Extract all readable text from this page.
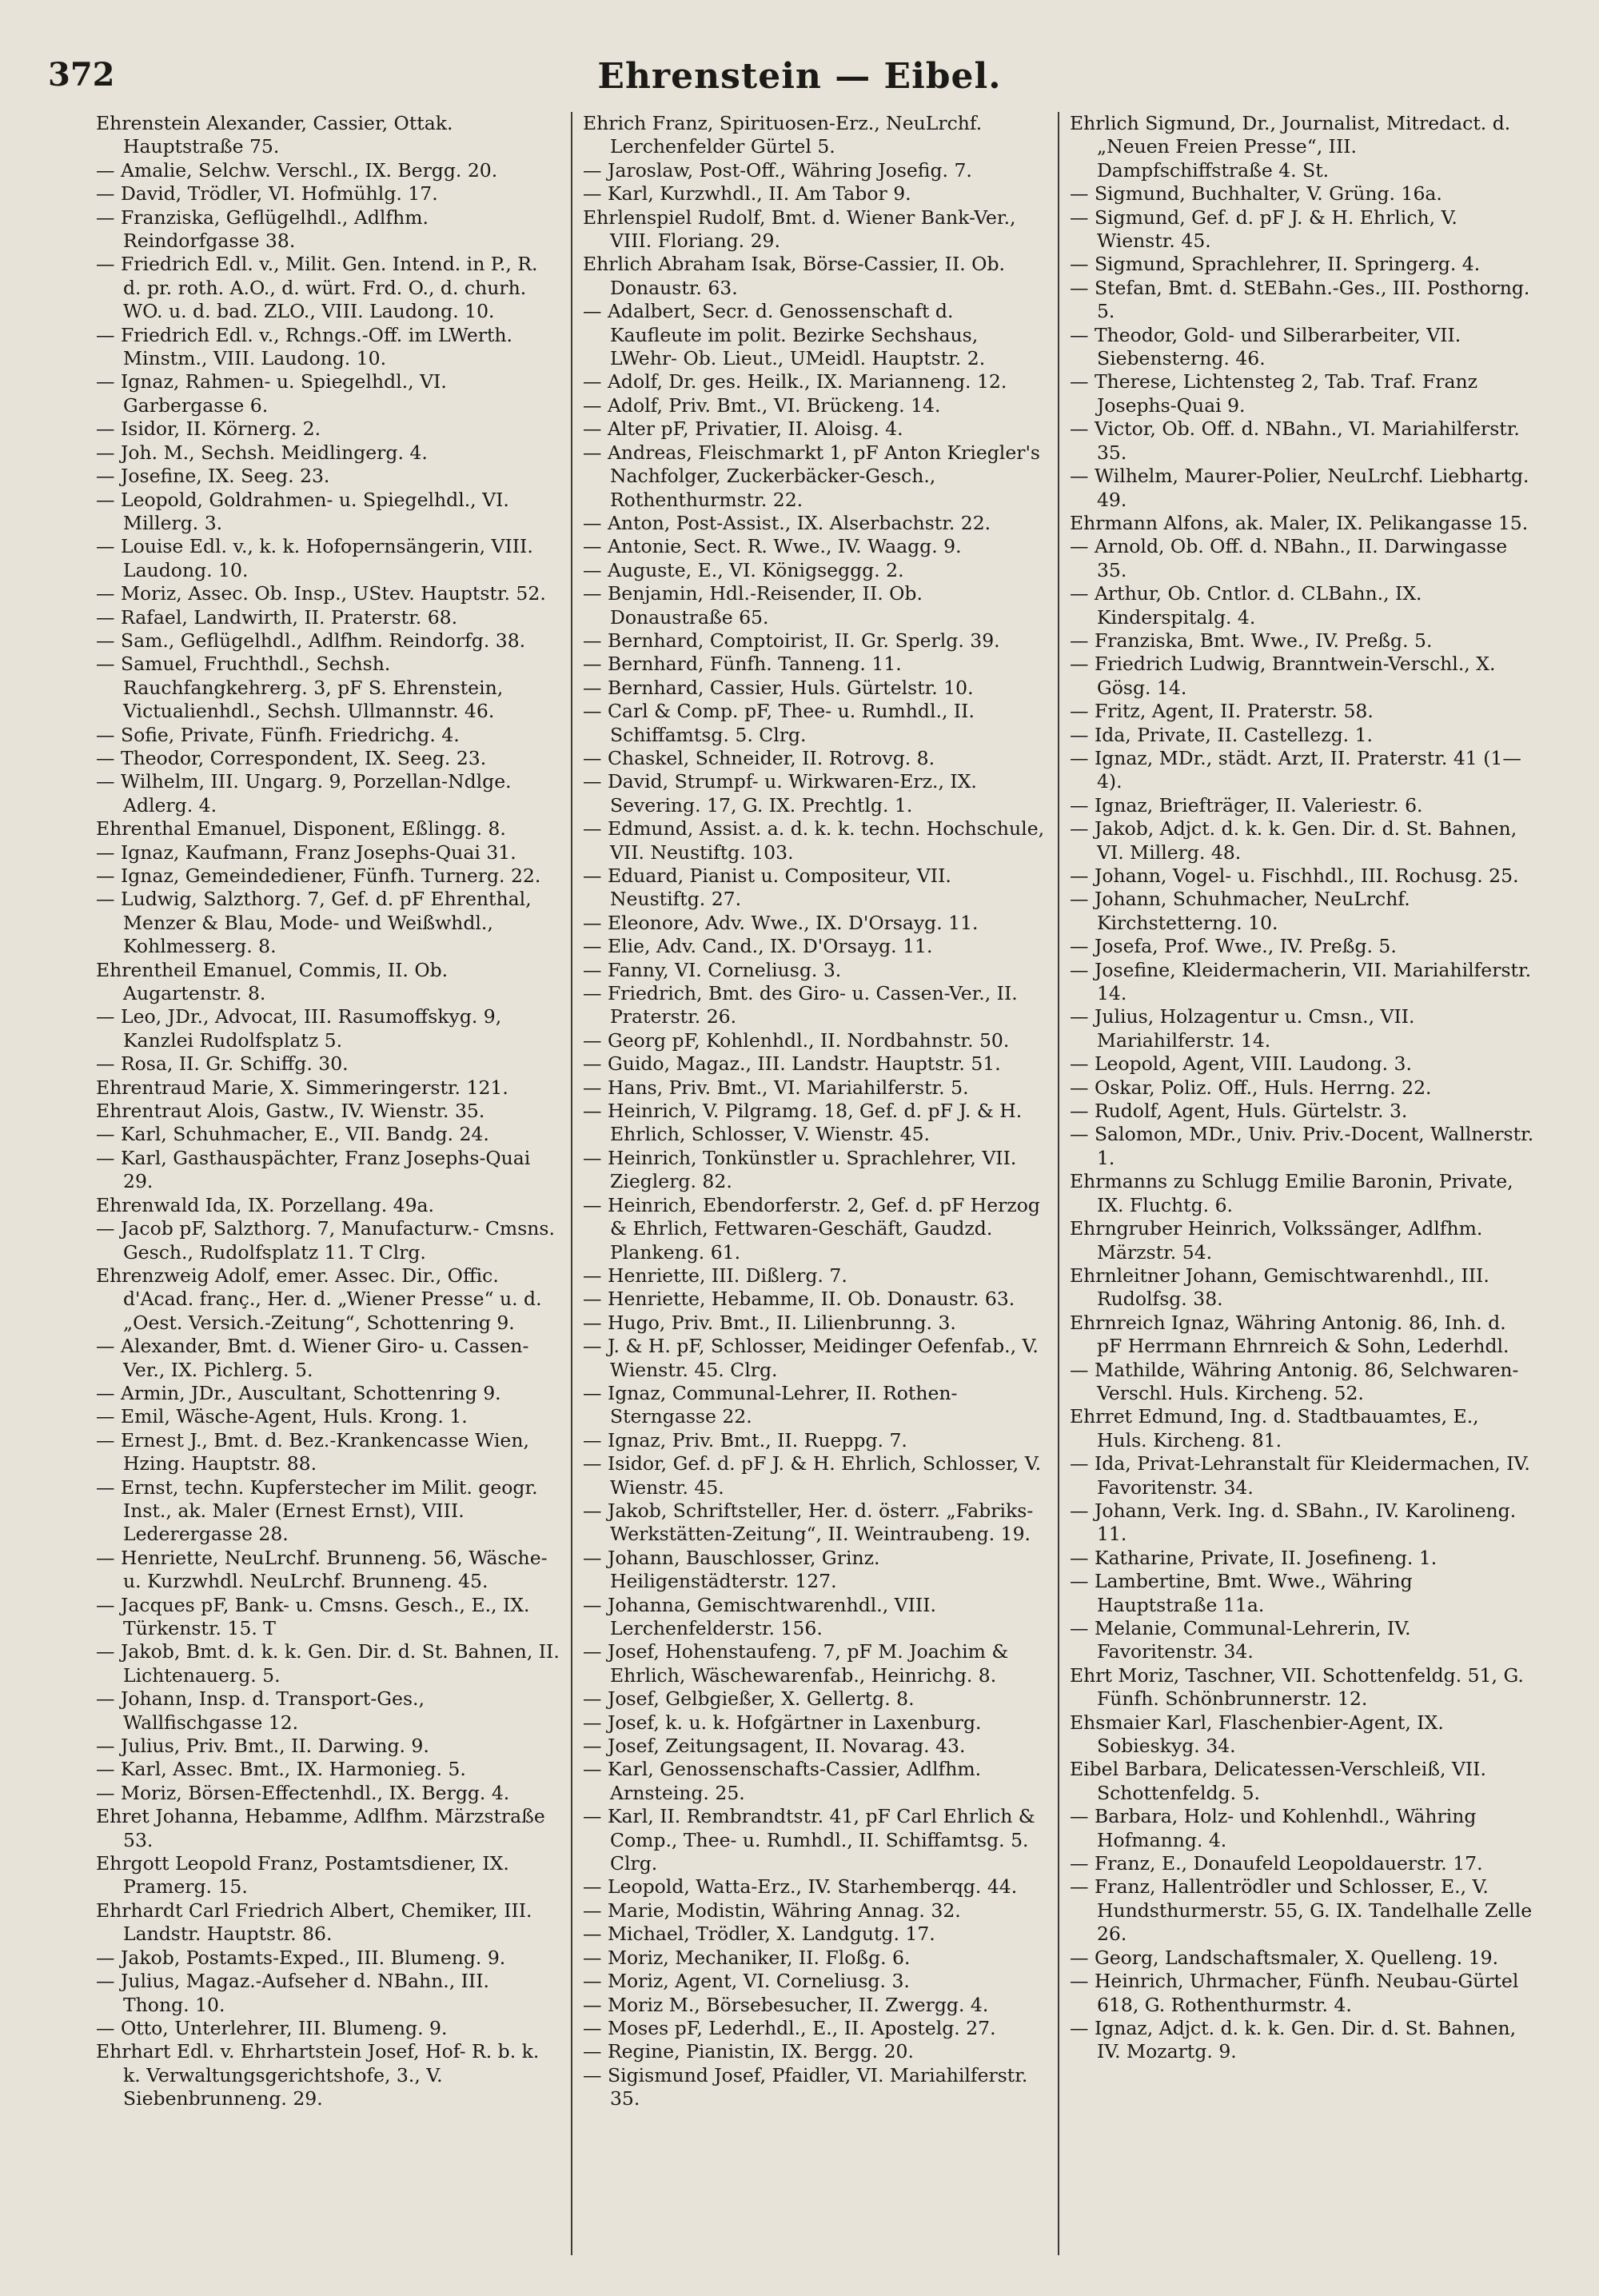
372	Ehrenstein — Eibel.
Ehrenstein Alexander, Cassier, Ottak. Hauptstraße 75.
— Amalie, Selchw. Verschl., IX. Bergg. 20.
— David, Trödler, VI. Hofmühlg. 17.
— Franziska, Geflügelhdl., Adlfhm. Reindorfgasse 38.
— Friedrich Edl. v., Milit. Gen. Intend. in P., R. d. pr. roth. A.O., d. würt. Frd. O., d. churh. WO. u. d. bad. ZLO., VIII. Laudong. 10.
— Friedrich Edl. v., Rchngs.-Off. im LWerth. Minstm., VIII. Laudong. 10.
— Ignaz, Rahmen- u. Spiegelhdl., VI. Garbergasse 6.
— Isidor, II. Körnerg. 2.
— Joh. M., Sechsh. Meidlingerg. 4.
— Josefine, IX. Seeg. 23.
— Leopold, Goldrahmen- u. Spiegelhdl., VI. Millerg. 3.
— Louise Edl. v., k. k. Hofopernsängerin, VIII. Laudong. 10.
— Moriz, Assec. Ob. Insp., UStev. Hauptstr. 52.
— Rafael, Landwirth, II. Praterstr. 68.
— Sam., Geflügelhdl., Adlfhm. Reindorfg. 38.
— Samuel, Fruchthdl., Sechsh. Rauchfangkehrerg. 3, pF S. Ehrenstein, Victualienhdl., Sechsh. Ullmannstr. 46.
— Sofie, Private, Fünfh. Friedrichg. 4.
— Theodor, Correspondent, IX. Seeg. 23.
— Wilhelm, III. Ungarg. 9, Porzellan-Ndlge. Adlerg. 4.
Ehrenthal Emanuel, Disponent, Eßlingg. 8.
— Ignaz, Kaufmann, Franz Josephs-Quai 31.
— Ignaz, Gemeindediener, Fünfh. Turnerg. 22.
— Ludwig, Salzthorg. 7, Gef. d. pF Ehrenthal, Menzer & Blau, Mode- und Weißwhdl., Kohlmesserg. 8.
Ehrentheil Emanuel, Commis, II. Ob. Augartenstr. 8.
— Leo, JDr., Advocat, III. Rasumoffskyg. 9, Kanzlei Rudolfsplatz 5.
— Rosa, II. Gr. Schiffg. 30.
Ehrentraud Marie, X. Simmeringerstr. 121.
Ehrentraut Alois, Gastw., IV. Wienstr. 35.
— Karl, Schuhmacher, E., VII. Bandg. 24.
— Karl, Gasthauspächter, Franz Josephs-Quai 29.
Ehrenwald Ida, IX. Porzellang. 49a.
— Jacob pF, Salzthorg. 7, Manufacturw.- Cmsns. Gesch., Rudolfsplatz 11. T Clrg.
Ehrenzweig Adolf, emer. Assec. Dir., Offic. d'Acad. franç., Her. d. „Wiener Presse“ u. d. „Oest. Versich.-Zeitung“, Schottenring 9.
— Alexander, Bmt. d. Wiener Giro- u. Cassen-Ver., IX. Pichlerg. 5.
— Armin, JDr., Auscultant, Schottenring 9.
— Emil, Wäsche-Agent, Huls. Krong. 1.
— Ernest J., Bmt. d. Bez.-Krankencasse Wien, Hzing. Hauptstr. 88.
— Ernst, techn. Kupferstecher im Milit. geogr. Inst., ak. Maler (Ernest Ernst), VIII. Lederergasse 28.
— Henriette, NeuLrchf. Brunneng. 56, Wäsche- u. Kurzwhdl. NeuLrchf. Brunneng. 45.
— Jacques pF, Bank- u. Cmsns. Gesch., E., IX. Türkenstr. 15. T
— Jakob, Bmt. d. k. k. Gen. Dir. d. St. Bahnen, II. Lichtenauerg. 5.
— Johann, Insp. d. Transport-Ges., Wallfischgasse 12.
— Julius, Priv. Bmt., II. Darwing. 9.
— Karl, Assec. Bmt., IX. Harmonieg. 5.
— Moriz, Börsen-Effectenhdl., IX. Bergg. 4.
Ehret Johanna, Hebamme, Adlfhm. Märzstraße 53.
Ehrgott Leopold Franz, Postamtsdiener, IX. Pramerg. 15.
Ehrhardt Carl Friedrich Albert, Chemiker, III. Landstr. Hauptstr. 86.
— Jakob, Postamts-Exped., III. Blumeng. 9.
— Julius, Magaz.-Aufseher d. NBahn., III. Thong. 10.
— Otto, Unterlehrer, III. Blumeng. 9.
Ehrhart Edl. v. Ehrhartstein Josef, Hof- R. b. k. k. Verwaltungsgerichtshofe, 3., V. Siebenbrunneng. 29.
Ehrich Franz, Spirituosen-Erz., NeuLrchf. Lerchenfelder Gürtel 5.
— Jaroslaw, Post-Off., Währing Josefig. 7.
— Karl, Kurzwhdl., II. Am Tabor 9.
Ehrlenspiel Rudolf, Bmt. d. Wiener Bank-Ver., VIII. Floriang. 29.
Ehrlich Abraham Isak, Börse-Cassier, II. Ob. Donaustr. 63.
— Adalbert, Secr. d. Genossenschaft d. Kaufleute im polit. Bezirke Sechshaus, LWehr- Ob. Lieut., UMeidl. Hauptstr. 2.
— Adolf, Dr. ges. Heilk., IX. Marianneng. 12.
— Adolf, Priv. Bmt., VI. Brückeng. 14.
— Alter pF, Privatier, II. Aloisg. 4.
— Andreas, Fleischmarkt 1, pF Anton Kriegler's Nachfolger, Zuckerbäcker-Gesch., Rothenthurmstr. 22.
— Anton, Post-Assist., IX. Alserbachstr. 22.
— Antonie, Sect. R. Wwe., IV. Waagg. 9.
— Auguste, E., VI. Königseggg. 2.
— Benjamin, Hdl.-Reisender, II. Ob. Donaustraße 65.
— Bernhard, Comptoirist, II. Gr. Sperlg. 39.
— Bernhard, Fünfh. Tanneng. 11.
— Bernhard, Cassier, Huls. Gürtelstr. 10.
— Carl & Comp. pF, Thee- u. Rumhdl., II. Schiffamtsg. 5. Clrg.
— Chaskel, Schneider, II. Rotrovg. 8.
— David, Strumpf- u. Wirkwaren-Erz., IX. Severing. 17, G. IX. Prechtlg. 1.
— Edmund, Assist. a. d. k. k. techn. Hochschule, VII. Neustiftg. 103.
— Eduard, Pianist u. Compositeur, VII. Neustiftg. 27.
— Eleonore, Adv. Wwe., IX. D'Orsayg. 11.
— Elie, Adv. Cand., IX. D'Orsayg. 11.
— Fanny, VI. Corneliusg. 3.
— Friedrich, Bmt. des Giro- u. Cassen-Ver., II. Praterstr. 26.
— Georg pF, Kohlenhdl., II. Nordbahnstr. 50.
— Guido, Magaz., III. Landstr. Hauptstr. 51.
— Hans, Priv. Bmt., VI. Mariahilferstr. 5.
— Heinrich, V. Pilgramg. 18, Gef. d. pF J. & H. Ehrlich, Schlosser, V. Wienstr. 45.
— Heinrich, Tonkünstler u. Sprachlehrer, VII. Zieglerg. 82.
— Heinrich, Ebendorferstr. 2, Gef. d. pF Herzog & Ehrlich, Fettwaren-Geschäft, Gaudzd. Plankeng. 61.
— Henriette, III. Dißlerg. 7.
— Henriette, Hebamme, II. Ob. Donaustr. 63.
— Hugo, Priv. Bmt., II. Lilienbrunng. 3.
— J. & H. pF, Schlosser, Meidinger Oefenfab., V. Wienstr. 45. Clrg.
— Ignaz, Communal-Lehrer, II. Rothen-Sterngasse 22.
— Ignaz, Priv. Bmt., II. Rueppg. 7.
— Isidor, Gef. d. pF J. & H. Ehrlich, Schlosser, V. Wienstr. 45.
— Jakob, Schriftsteller, Her. d. österr. „Fabriks-Werkstätten-Zeitung“, II. Weintraubeng. 19.
— Johann, Bauschlosser, Grinz. Heiligenstädterstr. 127.
— Johanna, Gemischtwarenhdl., VIII. Lerchenfelderstr. 156.
— Josef, Hohenstaufeng. 7, pF M. Joachim & Ehrlich, Wäschewarenfab., Heinrichg. 8.
— Josef, Gelbgießer, X. Gellertg. 8.
— Josef, k. u. k. Hofgärtner in Laxenburg.
— Josef, Zeitungsagent, II. Novarag. 43.
— Karl, Genossenschafts-Cassier, Adlfhm. Arnsteing. 25.
— Karl, II. Rembrandtstr. 41, pF Carl Ehrlich & Comp., Thee- u. Rumhdl., II. Schiffamtsg. 5. Clrg.
— Leopold, Watta-Erz., IV. Starhemberqg. 44.
— Marie, Modistin, Währing Annag. 32.
— Michael, Trödler, X. Landgutg. 17.
— Moriz, Mechaniker, II. Floßg. 6.
— Moriz, Agent, VI. Corneliusg. 3.
— Moriz M., Börsebesucher, II. Zwergg. 4.
— Moses pF, Lederhdl., E., II. Apostelg. 27.
— Regine, Pianistin, IX. Bergg. 20.
— Sigismund Josef, Pfaidler, VI. Mariahilferstr. 35.
Ehrlich Sigmund, Dr., Journalist, Mitredact. d. „Neuen Freien Presse“, III. Dampfschiffstraße 4. St.
— Sigmund, Buchhalter, V. Grüng. 16a.
— Sigmund, Gef. d. pF J. & H. Ehrlich, V. Wienstr. 45.
— Sigmund, Sprachlehrer, II. Springerg. 4.
— Stefan, Bmt. d. StEBahn.-Ges., III. Posthorng. 5.
— Theodor, Gold- und Silberarbeiter, VII. Siebensterng. 46.
— Therese, Lichtensteg 2, Tab. Traf. Franz Josephs-Quai 9.
— Victor, Ob. Off. d. NBahn., VI. Mariahilferstr. 35.
— Wilhelm, Maurer-Polier, NeuLrchf. Liebhartg. 49.
Ehrmann Alfons, ak. Maler, IX. Pelikangasse 15.
— Arnold, Ob. Off. d. NBahn., II. Darwingasse 35.
— Arthur, Ob. Cntlor. d. CLBahn., IX. Kinderspitalg. 4.
— Franziska, Bmt. Wwe., IV. Preßg. 5.
— Friedrich Ludwig, Branntwein-Verschl., X. Gösg. 14.
— Fritz, Agent, II. Praterstr. 58.
— Ida, Private, II. Castellezg. 1.
— Ignaz, MDr., städt. Arzt, II. Praterstr. 41 (1—4).
— Ignaz, Briefträger, II. Valeriestr. 6.
— Jakob, Adjct. d. k. k. Gen. Dir. d. St. Bahnen, VI. Millerg. 48.
— Johann, Vogel- u. Fischhdl., III. Rochusg. 25.
— Johann, Schuhmacher, NeuLrchf. Kirchstetterng. 10.
— Josefa, Prof. Wwe., IV. Preßg. 5.
— Josefine, Kleidermacherin, VII. Mariahilferstr. 14.
— Julius, Holzagentur u. Cmsn., VII. Mariahilferstr. 14.
— Leopold, Agent, VIII. Laudong. 3.
— Oskar, Poliz. Off., Huls. Herrng. 22.
— Rudolf, Agent, Huls. Gürtelstr. 3.
— Salomon, MDr., Univ. Priv.-Docent, Wallnerstr. 1.
Ehrmanns zu Schlugg Emilie Baronin, Private, IX. Fluchtg. 6.
Ehrngruber Heinrich, Volkssänger, Adlfhm. Märzstr. 54.
Ehrnleitner Johann, Gemischtwarenhdl., III. Rudolfsg. 38.
Ehrnreich Ignaz, Währing Antonig. 86, Inh. d. pF Herrmann Ehrnreich & Sohn, Lederhdl.
— Mathilde, Währing Antonig. 86, Selchwaren-Verschl. Huls. Kircheng. 52.
Ehrret Edmund, Ing. d. Stadtbauamtes, E., Huls. Kircheng. 81.
— Ida, Privat-Lehranstalt für Kleidermachen, IV. Favoritenstr. 34.
— Johann, Verk. Ing. d. SBahn., IV. Karolineng. 11.
— Katharine, Private, II. Josefineng. 1.
— Lambertine, Bmt. Wwe., Währing Hauptstraße 11a.
— Melanie, Communal-Lehrerin, IV. Favoritenstr. 34.
Ehrt Moriz, Taschner, VII. Schottenfeldg. 51, G. Fünfh. Schönbrunnerstr. 12.
Ehsmaier Karl, Flaschenbier-Agent, IX. Sobieskyg. 34.
Eibel Barbara, Delicatessen-Verschleiß, VII. Schottenfeldg. 5.
— Barbara, Holz- und Kohlenhdl., Währing Hofmanng. 4.
— Franz, E., Donaufeld Leopoldauerstr. 17.
— Franz, Hallentrödler und Schlosser, E., V. Hundsthurmerstr. 55, G. IX. Tandelhalle Zelle 26.
— Georg, Landschaftsmaler, X. Quelleng. 19.
— Heinrich, Uhrmacher, Fünfh. Neubau-Gürtel 618, G. Rothenthurmstr. 4.
— Ignaz, Adjct. d. k. k. Gen. Dir. d. St. Bahnen, IV. Mozartg. 9.
